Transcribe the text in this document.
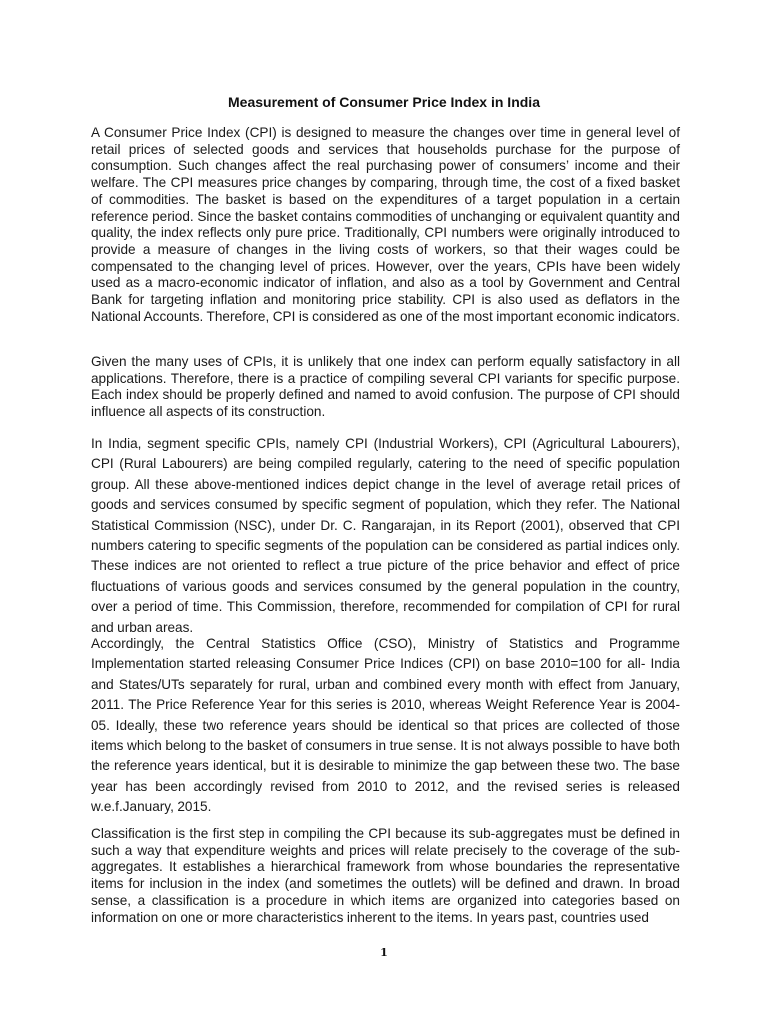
Measurement of Consumer Price Index in India

A Consumer Price Index (CPI) is designed to measure the changes over time in general level of retail prices of selected goods and services that households purchase for the purpose of consumption. Such changes affect the real purchasing power of consumers’ income and their welfare. The CPI measures price changes by comparing, through time, the cost of a fixed basket of commodities. The basket is based on the expenditures of a target population in a certain reference period. Since the basket contains commodities of unchanging or equivalent quantity and quality, the index reflects only pure price. Traditionally, CPI numbers were originally introduced to provide a measure of changes in the living costs of workers, so that their wages could be compensated to the changing level of prices. However, over the years, CPIs have been widely used as a macro-economic indicator of inflation, and also as a tool by Government and Central Bank for targeting inflation and monitoring price stability. CPI is also used as deflators in the National Accounts. Therefore, CPI is considered as one of the most important economic indicators.

Given the many uses of CPIs, it is unlikely that one index can perform equally satisfactory in all applications. Therefore, there is a practice of compiling several CPI variants for specific purpose. Each index should be properly defined and named to avoid confusion. The purpose of CPI should influence all aspects of its construction.

In India, segment specific CPIs, namely CPI (Industrial Workers), CPI (Agricultural Labourers), CPI (Rural Labourers) are being compiled regularly, catering to the need of specific population group. All these above-mentioned indices depict change in the level of average retail prices of goods and services consumed by specific segment of population, which they refer. The National Statistical Commission (NSC), under Dr. C. Rangarajan, in its Report (2001), observed that CPI numbers catering to specific segments of the population can be considered as partial indices only. These indices are not oriented to reflect a true picture of the price behavior and effect of price fluctuations of various goods and services consumed by the general population in the country, over a period of time. This Commission, therefore, recommended for compilation of CPI for rural and urban areas.

Accordingly, the Central Statistics Office (CSO), Ministry of Statistics and Programme Implementation started releasing Consumer Price Indices (CPI) on base 2010=100 for all- India and States/UTs separately for rural, urban and combined every month with effect from January, 2011. The Price Reference Year for this series is 2010, whereas Weight Reference Year is 2004-05. Ideally, these two reference years should be identical so that prices are collected of those items which belong to the basket of consumers in true sense. It is not always possible to have both the reference years identical, but it is desirable to minimize the gap between these two. The base year has been accordingly revised from 2010 to 2012, and the revised series is released w.e.f.January, 2015.

Classification is the first step in compiling the CPI because its sub-aggregates must be defined in such a way that expenditure weights and prices will relate precisely to the coverage of the sub-aggregates. It establishes a hierarchical framework from whose boundaries the representative items for inclusion in the index (and sometimes the outlets) will be defined and drawn. In broad sense, a classification is a procedure in which items are organized into categories based on information on one or more characteristics inherent to the items. In years past, countries used

1
